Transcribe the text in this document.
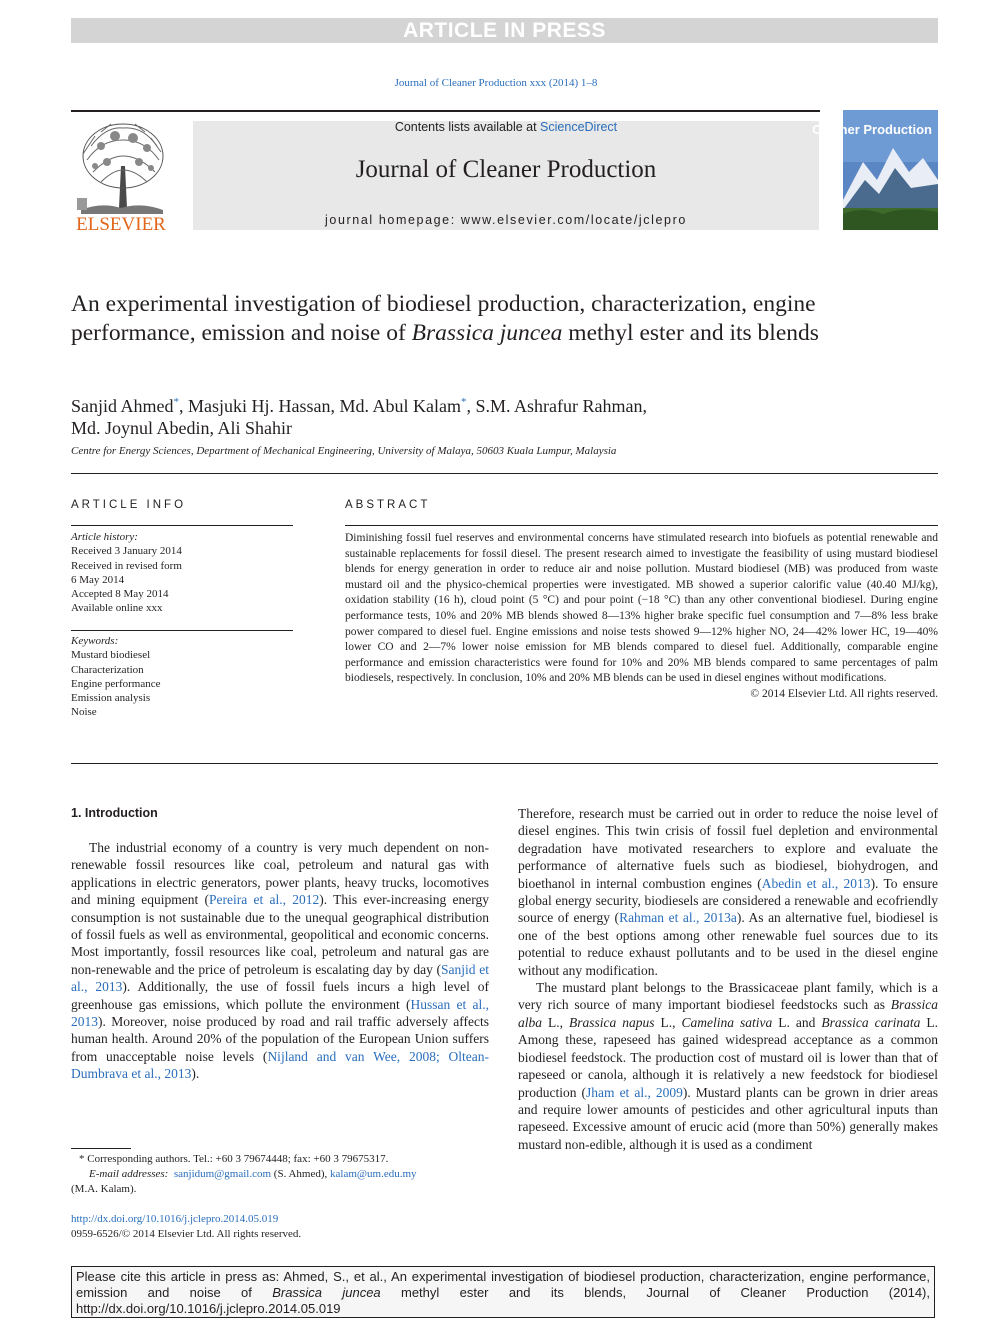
ARTICLE IN PRESS
Journal of Cleaner Production xxx (2014) 1–8
ELSEVIER
Contents lists available at ScienceDirect
Journal of Cleaner Production
journal homepage: www.elsevier.com/locate/jclepro
Cleaner Production
An experimental investigation of biodiesel production, characterization, engine performance, emission and noise of Brassica juncea methyl ester and its blends
Sanjid Ahmed*, Masjuki Hj. Hassan, Md. Abul Kalam*, S.M. Ashrafur Rahman,
Md. Joynul Abedin, Ali Shahir
Centre for Energy Sciences, Department of Mechanical Engineering, University of Malaya, 50603 Kuala Lumpur, Malaysia
ARTICLE INFO
Article history:
Received 3 January 2014
Received in revised form
6 May 2014
Accepted 8 May 2014
Available online xxx
Keywords:
Mustard biodiesel
Characterization
Engine performance
Emission analysis
Noise
ABSTRACT
Diminishing fossil fuel reserves and environmental concerns have stimulated research into biofuels as potential renewable and sustainable replacements for fossil diesel. The present research aimed to investigate the feasibility of using mustard biodiesel blends for energy generation in order to reduce air and noise pollution. Mustard biodiesel (MB) was produced from waste mustard oil and the physico-chemical properties were investigated. MB showed a superior calorific value (40.40 MJ/kg), oxidation stability (16 h), cloud point (5 °C) and pour point (−18 °C) than any other conventional biodiesel. During engine performance tests, 10% and 20% MB blends showed 8—13% higher brake specific fuel consumption and 7—8% less brake power compared to diesel fuel. Engine emissions and noise tests showed 9—12% higher NO, 24—42% lower HC, 19—40% lower CO and 2—7% lower noise emission for MB blends compared to diesel fuel. Additionally, comparable engine performance and emission characteristics were found for 10% and 20% MB blends compared to same percentages of palm biodiesels, respectively. In conclusion, 10% and 20% MB blends can be used in diesel engines without modifications.
© 2014 Elsevier Ltd. All rights reserved.
1. Introduction

The industrial economy of a country is very much dependent on non-renewable fossil resources like coal, petroleum and natural gas with applications in electric generators, power plants, heavy trucks, locomotives and mining equipment (Pereira et al., 2012). This ever-increasing energy consumption is not sustainable due to the unequal geographical distribution of fossil fuels as well as environmental, geopolitical and economic concerns. Most importantly, fossil resources like coal, petroleum and natural gas are non-renewable and the price of petroleum is escalating day by day (Sanjid et al., 2013). Additionally, the use of fossil fuels incurs a high level of greenhouse gas emissions, which pollute the environment (Hussan et al., 2013). Moreover, noise produced by road and rail traffic adversely affects human health. Around 20% of the population of the European Union suffers from unacceptable noise levels (Nijland and van Wee, 2008; Oltean-Dumbrava et al., 2013).

Therefore, research must be carried out in order to reduce the noise level of diesel engines. This twin crisis of fossil fuel depletion and environmental degradation have motivated researchers to explore and evaluate the performance of alternative fuels such as biodiesel, biohydrogen, and bioethanol in internal combustion engines (Abedin et al., 2013). To ensure global energy security, biodiesels are considered a renewable and ecofriendly source of energy (Rahman et al., 2013a). As an alternative fuel, biodiesel is one of the best options among other renewable fuel sources due to its potential to reduce exhaust pollutants and to be used in the diesel engine without any modification.

The mustard plant belongs to the Brassicaceae plant family, which is a very rich source of many important biodiesel feedstocks such as Brassica alba L., Brassica napus L., Camelina sativa L. and Brassica carinata L. Among these, rapeseed has gained widespread acceptance as a common biodiesel feedstock. The production cost of mustard oil is lower than that of rapeseed or canola, although it is relatively a new feedstock for biodiesel production (Jham et al., 2009). Mustard plants can be grown in drier areas and require lower amounts of pesticides and other agricultural inputs than rapeseed. Excessive amount of erucic acid (more than 50%) generally makes mustard non-edible, although it is used as a condiment

* Corresponding authors. Tel.: +60 3 79674448; fax: +60 3 79675317.
E-mail addresses: sanjidum@gmail.com (S. Ahmed), kalam@um.edu.my
(M.A. Kalam).
http://dx.doi.org/10.1016/j.jclepro.2014.05.019
0959-6526/© 2014 Elsevier Ltd. All rights reserved.
Please cite this article in press as: Ahmed, S., et al., An experimental investigation of biodiesel production, characterization, engine performance, emission and noise of Brassica juncea methyl ester and its blends, Journal of Cleaner Production (2014), http://dx.doi.org/10.1016/j.jclepro.2014.05.019
